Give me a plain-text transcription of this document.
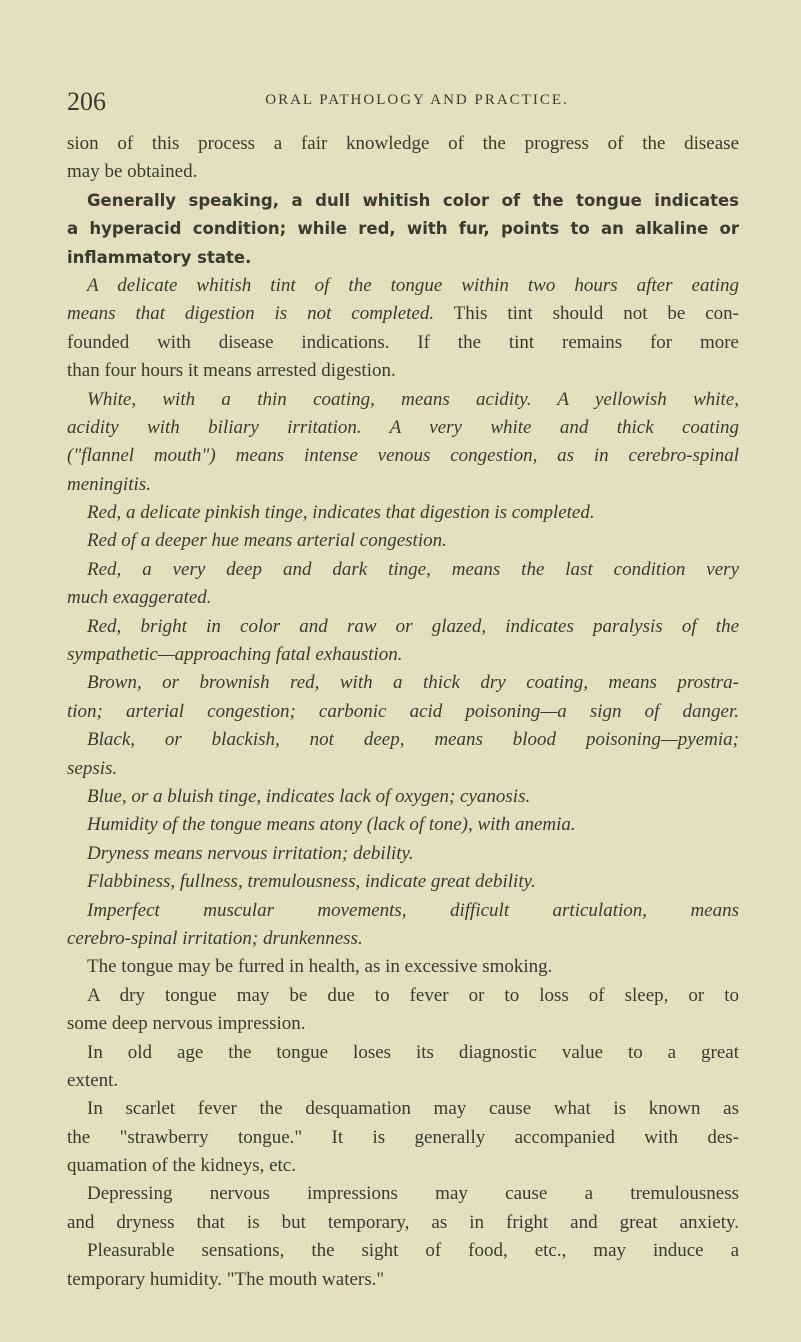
206	ORAL PATHOLOGY AND PRACTICE.
sion of this process a fair knowledge of the progress of the disease
may be obtained.
Generally speaking, a dull whitish color of the tongue indicates
a hyperacid condition; while red, with fur, points to an alkaline or
inflammatory state.
A delicate whitish tint of the tongue within two hours after eating
means that digestion is not completed. This tint should not be con-
founded with disease indications. If the tint remains for more
than four hours it means arrested digestion.
White, with a thin coating, means acidity. A yellowish white,
acidity with biliary irritation. A very white and thick coating
("flannel mouth") means intense venous congestion, as in cerebro-spinal
meningitis.
Red, a delicate pinkish tinge, indicates that digestion is completed.
Red of a deeper hue means arterial congestion.
Red, a very deep and dark tinge, means the last condition very
much exaggerated.
Red, bright in color and raw or glazed, indicates paralysis of the
sympathetic—approaching fatal exhaustion.
Brown, or brownish red, with a thick dry coating, means prostra-
tion; arterial congestion; carbonic acid poisoning—a sign of danger.
Black, or blackish, not deep, means blood poisoning—pyemia;
sepsis.
Blue, or a bluish tinge, indicates lack of oxygen; cyanosis.
Humidity of the tongue means atony (lack of tone), with anemia.
Dryness means nervous irritation; debility.
Flabbiness, fullness, tremulousness, indicate great debility.
Imperfect muscular movements, difficult articulation, means
cerebro-spinal irritation; drunkenness.
The tongue may be furred in health, as in excessive smoking.
A dry tongue may be due to fever or to loss of sleep, or to
some deep nervous impression.
In old age the tongue loses its diagnostic value to a great
extent.
In scarlet fever the desquamation may cause what is known as
the "strawberry tongue." It is generally accompanied with des-
quamation of the kidneys, etc.
Depressing nervous impressions may cause a tremulousness
and dryness that is but temporary, as in fright and great anxiety.
Pleasurable sensations, the sight of food, etc., may induce a
temporary humidity. "The mouth waters."
